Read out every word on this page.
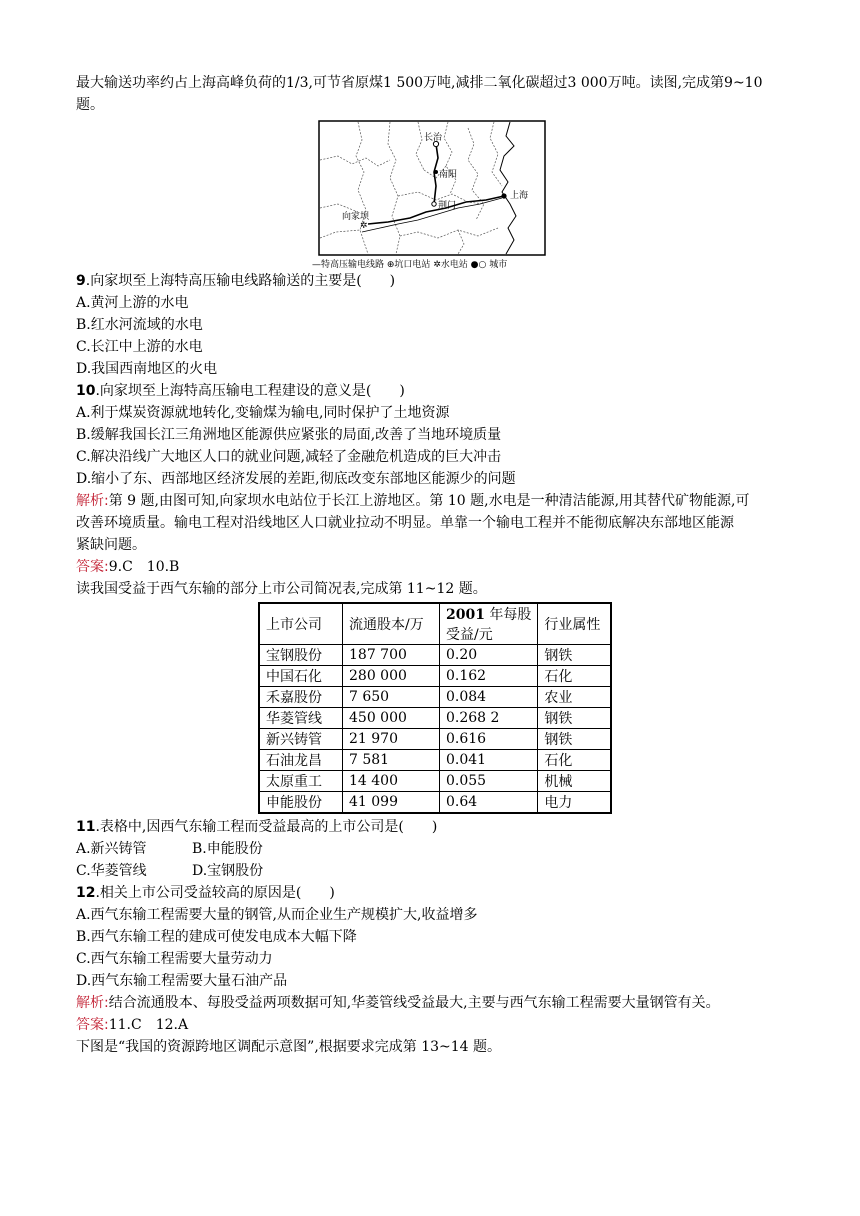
最大输送功率约占上海高峰负荷的1/3,可节省原煤1 500万吨,减排二氧化碳超过3 000万吨。读图,完成第9~10

题。

✲
长治
南阳
荆门
上海
向家坝
—特高压输电线路 ⊕坑口电站 ✲水电站 ●○ 城市

9.向家坝至上海特高压输电线路输送的主要是(　　)

A.黄河上游的水电

B.红水河流域的水电

C.长江中上游的水电

D.我国西南地区的火电

10.向家坝至上海特高压输电工程建设的意义是(　　)

A.利于煤炭资源就地转化,变输煤为输电,同时保护了土地资源

B.缓解我国长江三角洲地区能源供应紧张的局面,改善了当地环境质量

C.解决沿线广大地区人口的就业问题,减轻了金融危机造成的巨大冲击

D.缩小了东、西部地区经济发展的差距,彻底改变东部地区能源少的问题

解析:第 9 题,由图可知,向家坝水电站位于长江上游地区。第 10 题,水电是一种清洁能源,用其替代矿物能源,可

改善环境质量。输电工程对沿线地区人口就业拉动不明显。单靠一个输电工程并不能彻底解决东部地区能源

紧缺问题。

答案:9.C　10.B

读我国受益于西气东输的部分上市公司简况表,完成第 11~12 题。

上市公司	流通股本/万	2001 年每股
受益/元	行业属性
宝钢股份	187 700	0.20	钢铁
中国石化	280 000	0.162	石化
禾嘉股份	7 650	0.084	农业
华菱管线	450 000	0.268 2	钢铁
新兴铸管	21 970	0.616	钢铁
石油龙昌	7 581	0.041	石化
太原重工	14 400	0.055	机械
申能股份	41 099	0.64	电力

11.表格中,因西气东输工程而受益最高的上市公司是(　　)

A.新兴铸管	B.申能股份

C.华菱管线	D.宝钢股份

12.相关上市公司受益较高的原因是(　　)

A.西气东输工程需要大量的钢管,从而企业生产规模扩大,收益增多

B.西气东输工程的建成可使发电成本大幅下降

C.西气东输工程需要大量劳动力

D.西气东输工程需要大量石油产品

解析:结合流通股本、每股受益两项数据可知,华菱管线受益最大,主要与西气东输工程需要大量钢管有关。

答案:11.C　12.A

下图是“我国的资源跨地区调配示意图”,根据要求完成第 13~14 题。
